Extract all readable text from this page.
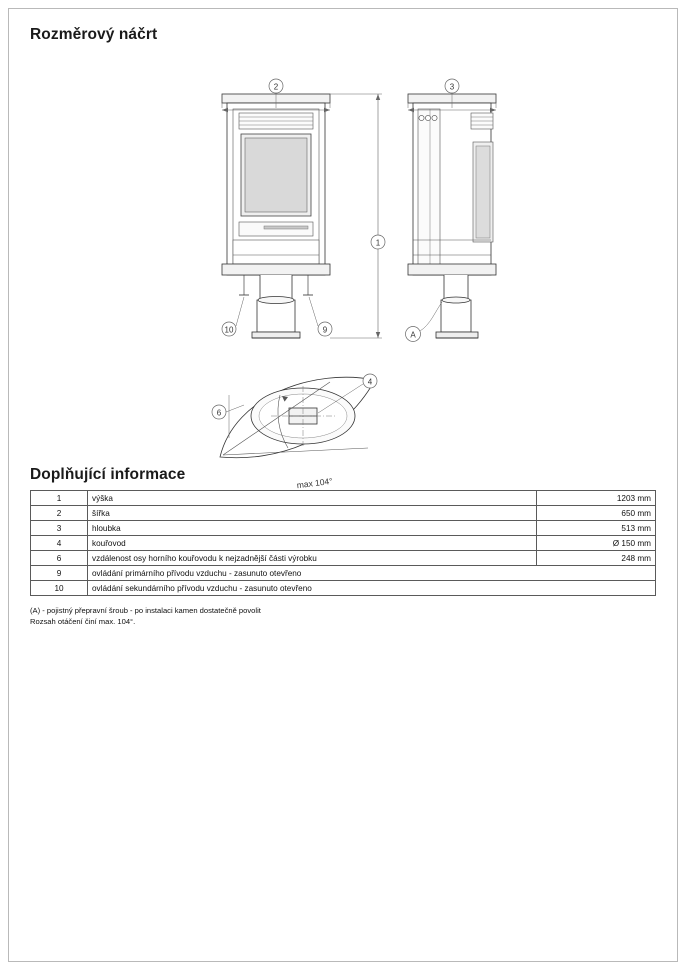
Rozměrový náčrt
1
2
9
10
3
A
max 104°
4
6
Doplňující informace
1	výška	1203 mm
2	šířka	650 mm
3	hloubka	513 mm
4	kouřovod	Ø 150 mm
6	vzdálenost osy horního kouřovodu k nejzadnější části výrobku	248 mm
9	ovládání primárního přívodu vzduchu - zasunuto otevřeno	
10	ovládání sekundárního přívodu vzduchu - zasunuto otevřeno	
(A) - pojistný přepravní šroub - po instalaci kamen dostatečně povolit
Rozsah otáčení činí max. 104°.
